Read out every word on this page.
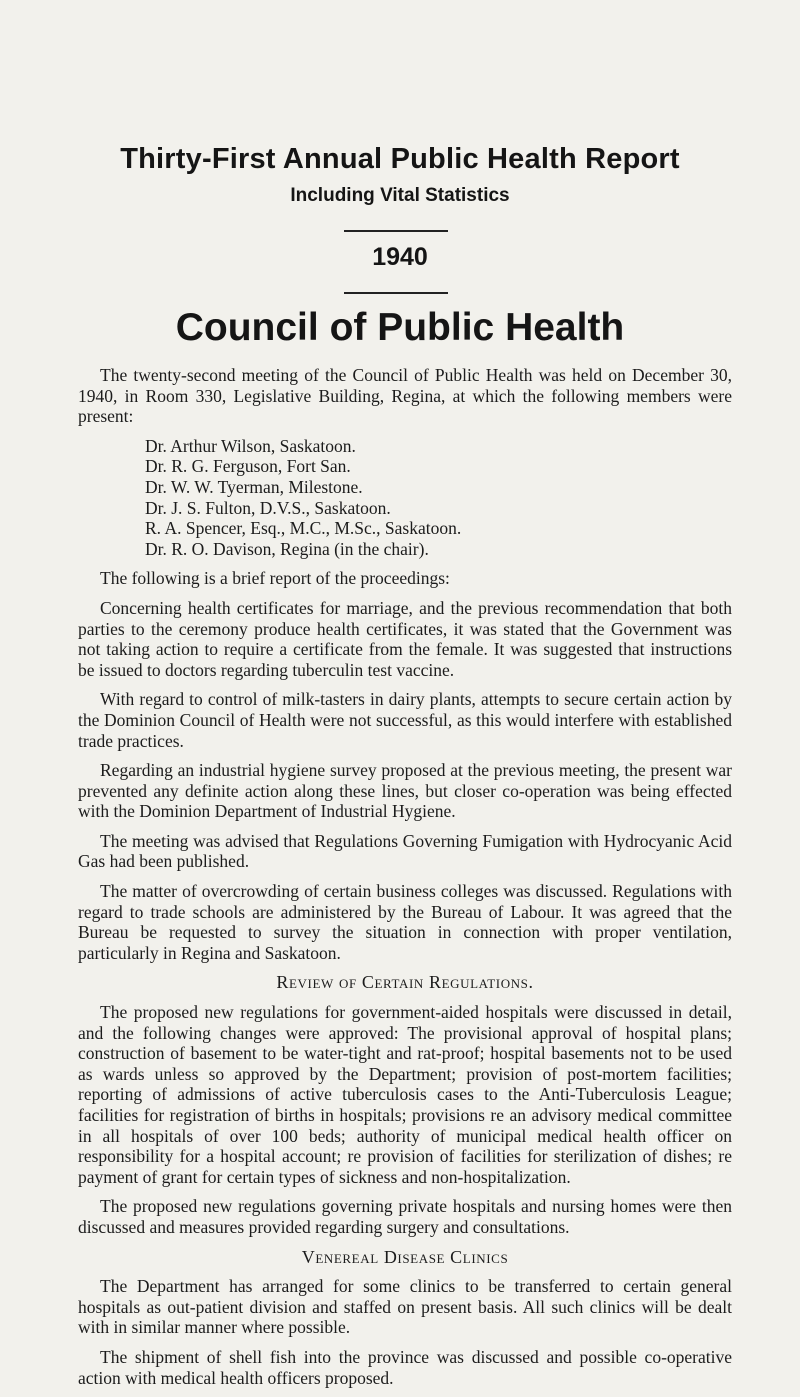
Thirty-First Annual Public Health Report
Including Vital Statistics
1940
Council of Public Health

The twenty-second meeting of the Council of Public Health was held on December 30, 1940, in Room 330, Legislative Building, Regina, at which the following members were present:

Dr. Arthur Wilson, Saskatoon.
Dr. R. G. Ferguson, Fort San.
Dr. W. W. Tyerman, Milestone.
Dr. J. S. Fulton, D.V.S., Saskatoon.
R. A. Spencer, Esq., M.C., M.Sc., Saskatoon.
Dr. R. O. Davison, Regina (in the chair).

The following is a brief report of the proceedings:

Concerning health certificates for marriage, and the previous recommendation that both parties to the ceremony produce health certificates, it was stated that the Government was not taking action to require a certificate from the female. It was suggested that instructions be issued to doctors regarding tuberculin test vaccine.

With regard to control of milk-tasters in dairy plants, attempts to secure certain action by the Dominion Council of Health were not successful, as this would interfere with established trade practices.

Regarding an industrial hygiene survey proposed at the previous meeting, the present war prevented any definite action along these lines, but closer co-operation was being effected with the Dominion Department of Industrial Hygiene.

The meeting was advised that Regulations Governing Fumigation with Hydrocyanic Acid Gas had been published.

The matter of overcrowding of certain business colleges was discussed. Regulations with regard to trade schools are administered by the Bureau of Labour. It was agreed that the Bureau be requested to survey the situation in connection with proper ventilation, particularly in Regina and Saskatoon.

Review of Certain Regulations.

The proposed new regulations for government-aided hospitals were discussed in detail, and the following changes were approved: The provisional approval of hospital plans; construction of basement to be water-tight and rat-proof; hospital basements not to be used as wards unless so approved by the Department; provision of post-mortem facilities; reporting of admissions of active tuberculosis cases to the Anti-Tuberculosis League; facilities for registration of births in hospitals; provisions re an advisory medical committee in all hospitals of over 100 beds; authority of municipal medical health officer on responsibility for a hospital account; re provision of facilities for sterilization of dishes; re payment of grant for certain types of sickness and non-hospitalization.

The proposed new regulations governing private hospitals and nursing homes were then discussed and measures provided regarding surgery and consultations.

Venereal Disease Clinics

The Department has arranged for some clinics to be transferred to certain general hospitals as out-patient division and staffed on present basis. All such clinics will be dealt with in similar manner where possible.

The shipment of shell fish into the province was discussed and possible co-operative action with medical health officers proposed.
